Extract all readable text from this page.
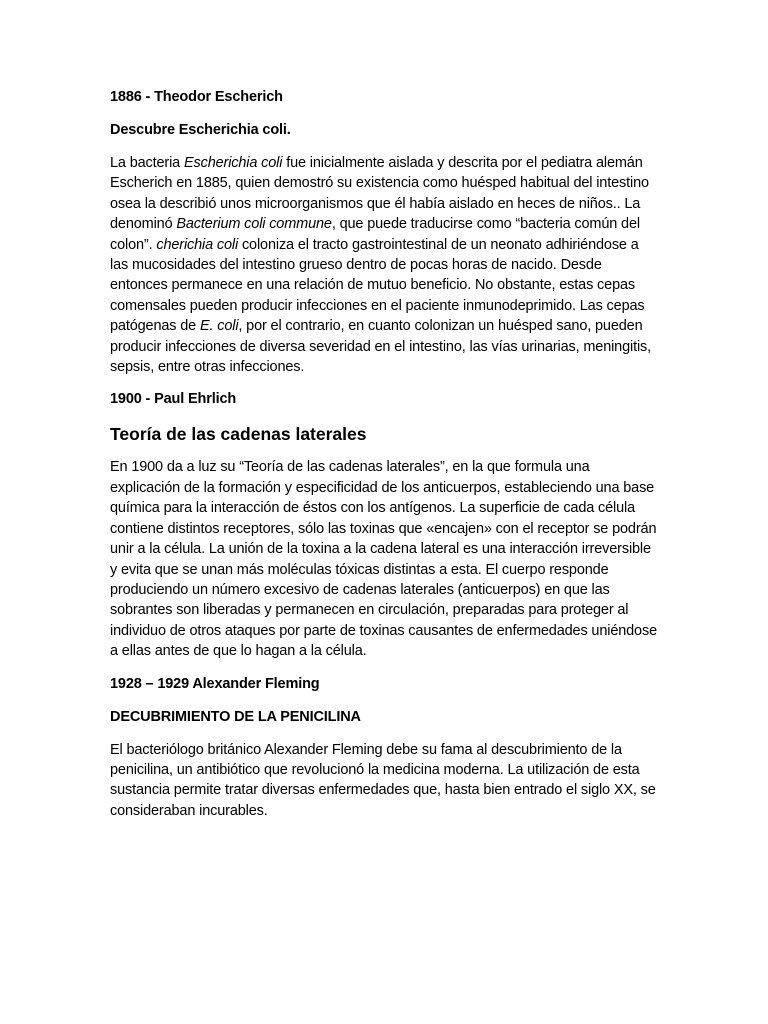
1886 - Theodor Escherich
Descubre Escherichia coli.

La bacteria Escherichia coli fue inicialmente aislada y descrita por el pediatra alemán Escherich en 1885, quien demostró su existencia como huésped habitual del intestino osea la describió unos microorganismos que él había aislado en heces de niños.. La denominó Bacterium coli commune, que puede traducirse como “bacteria común del colon”. cherichia coli coloniza el tracto gastrointestinal de un neonato adhiriéndose a las mucosidades del intestino grueso dentro de pocas horas de nacido. Desde entonces permanece en una relación de mutuo beneficio. No obstante, estas cepas comensales pueden producir infecciones en el paciente inmunodeprimido. Las cepas patógenas de E. coli, por el contrario, en cuanto colonizan un huésped sano, pueden producir infecciones de diversa severidad en el intestino, las vías urinarias, meningitis, sepsis, entre otras infecciones.

1900 - Paul Ehrlich
Teoría de las cadenas laterales

En 1900 da a luz su “Teoría de las cadenas laterales”, en la que formula una explicación de la formación y especificidad de los anticuerpos, estableciendo una base química para la interacción de éstos con los antígenos. La superficie de cada célula contiene distintos receptores, sólo las toxinas que «encajen» con el receptor se podrán unir a la célula. La unión de la toxina a la cadena lateral es una interacción irreversible y evita que se unan más moléculas tóxicas distintas a esta. El cuerpo responde produciendo un número excesivo de cadenas laterales (anticuerpos) en que las sobrantes son liberadas y permanecen en circulación, preparadas para proteger al individuo de otros ataques por parte de toxinas causantes de enfermedades uniéndose a ellas antes de que lo hagan a la célula.

1928 – 1929 Alexander Fleming
DECUBRIMIENTO DE LA PENICILINA

El bacteriólogo británico Alexander Fleming debe su fama al descubrimiento de la penicilina, un antibiótico que revolucionó la medicina moderna. La utilización de esta sustancia permite tratar diversas enfermedades que, hasta bien entrado el siglo XX, se consideraban incurables.
